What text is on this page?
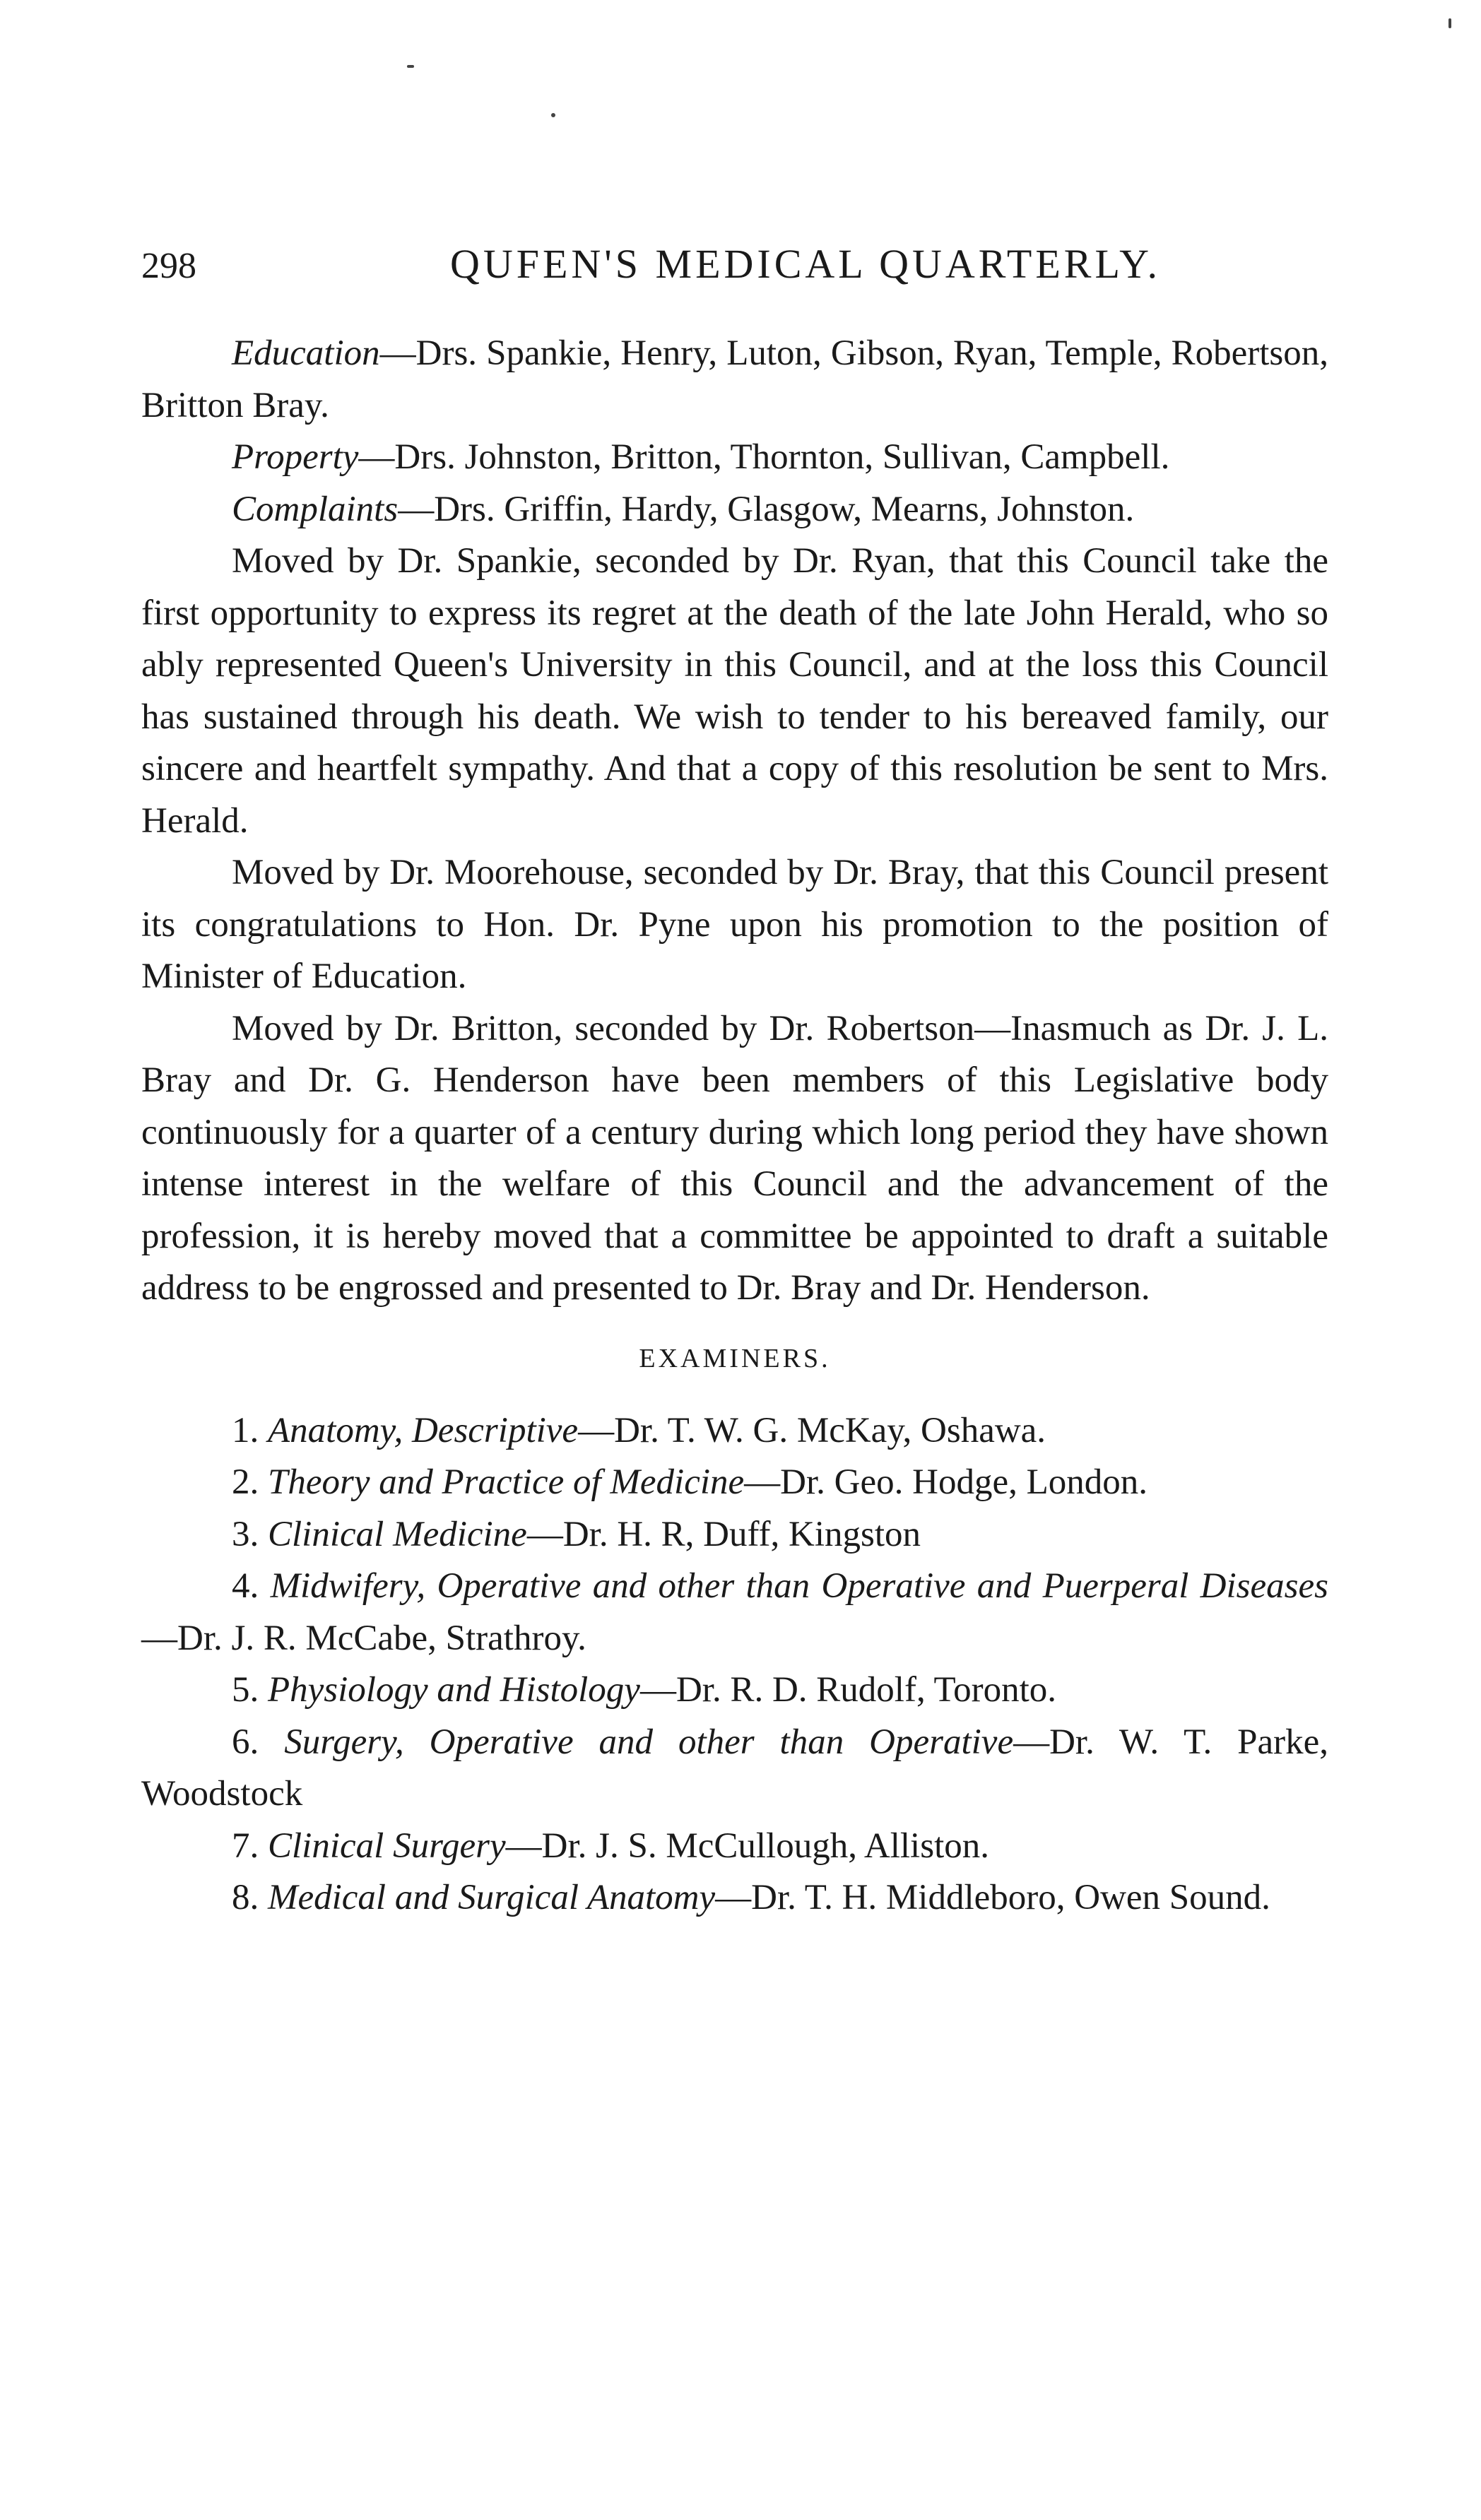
298	QUFEN'S MEDICAL QUARTERLY.

Education—Drs. Spankie, Henry, Luton, Gibson, Ryan, Temple, Robertson, Britton Bray.

Property—Drs. Johnston, Britton, Thornton, Sullivan, Campbell.

Complaints—Drs. Griffin, Hardy, Glasgow, Mearns, Johnston.

Moved by Dr. Spankie, seconded by Dr. Ryan, that this Council take the first opportunity to express its regret at the death of the late John Herald, who so ably represented Queen's University in this Council, and at the loss this Council has sustained through his death. We wish to tender to his bereaved family, our sincere and heartfelt sympathy. And that a copy of this resolution be sent to Mrs. Herald.

Moved by Dr. Moorehouse, seconded by Dr. Bray, that this Council present its congratulations to Hon. Dr. Pyne upon his promotion to the position of Minister of Education.

Moved by Dr. Britton, seconded by Dr. Robertson—Inasmuch as Dr. J. L. Bray and Dr. G. Henderson have been members of this Legislative body continuously for a quarter of a century during which long period they have shown intense interest in the welfare of this Council and the advancement of the profession, it is hereby moved that a committee be appointed to draft a suitable address to be engrossed and presented to Dr. Bray and Dr. Henderson.

EXAMINERS.

1. Anatomy, Descriptive—Dr. T. W. G. McKay, Oshawa.

2. Theory and Practice of Medicine—Dr. Geo. Hodge, London.

3. Clinical Medicine—Dr. H. R, Duff, Kingston

4. Midwifery, Operative and other than Operative and Puerperal Diseases—Dr. J. R. McCabe, Strathroy.

5. Physiology and Histology—Dr. R. D. Rudolf, Toronto.

6. Surgery, Operative and other than Operative—Dr. W. T. Parke, Woodstock

7. Clinical Surgery—Dr. J. S. McCullough, Alliston.

8. Medical and Surgical Anatomy—Dr. T. H. Middleboro, Owen Sound.
